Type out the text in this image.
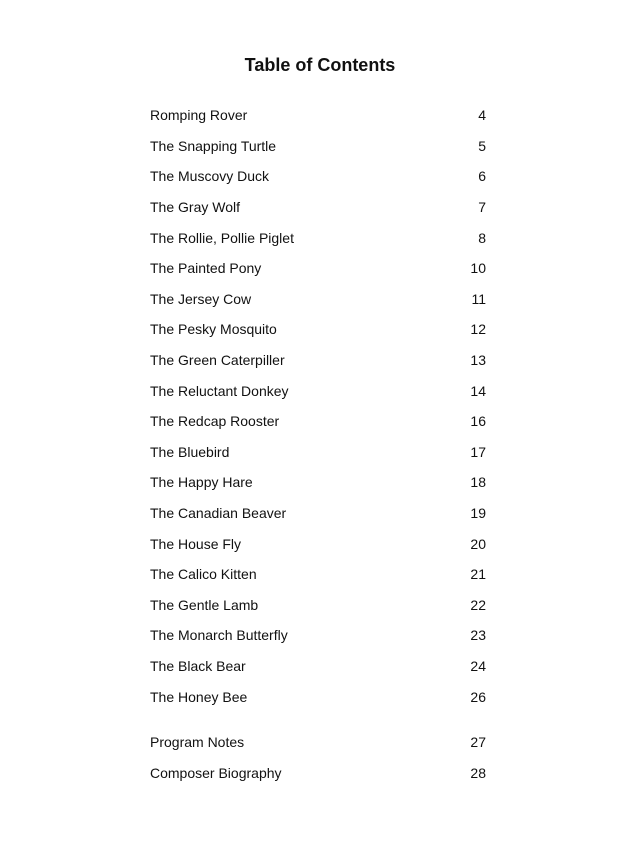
Table of Contents
Romping Rover	4
The Snapping Turtle	5
The Muscovy Duck	6
The Gray Wolf	7
The Rollie, Pollie Piglet	8
The Painted Pony	10
The Jersey Cow	11
The Pesky Mosquito	12
The Green Caterpiller	13
The Reluctant Donkey	14
The Redcap Rooster	16
The Bluebird	17
The Happy Hare	18
The Canadian Beaver	19
The House Fly	20
The Calico Kitten	21
The Gentle Lamb	22
The Monarch Butterfly	23
The Black Bear	24
The Honey Bee	26
Program Notes	27
Composer Biography	28
